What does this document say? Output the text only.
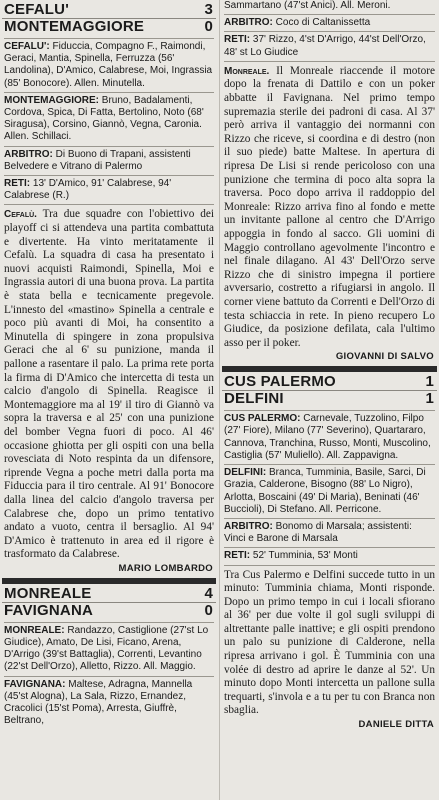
CEFALU'	3
MONTEMAGGIORE	0

CEFALU': Fiduccia, Compagno F., Raimondi, Geraci, Mantia, Spinella, Ferruzza (56' Landolina), D'Amico, Calabrese, Moi, Ingrassia (85' Bonocore). Allen. Minutella.

MONTEMAGGIORE: Bruno, Badalamenti, Cordova, Spica, Di Fatta, Bertolino, Noto (68' Siragusa), Corsino, Giannò, Vegna, Caronia. Allen. Schillaci.

ARBITRO: Di Buono di Trapani, assistenti Belvedere e Vitrano di Palermo

RETI: 13' D'Amico, 91' Calabrese, 94' Calabrese (R.)

Cefalù. Tra due squadre con l'obiettivo dei playoff ci si attendeva una partita combattuta e divertente. Ha vinto meritatamente il Cefalù. La squadra di casa ha presentato i nuovi acquisti Raimondi, Spinella, Moi e Ingrassia autori di una buona prova. La partita è stata bella e tecnicamente pregevole. L'innesto del «mastino» Spinella a centrale e poco più avanti di Moi, ha consentito a Minutella di spingere in zona propulsiva Geraci che al 6' su punizione, manda il pallone a rasentare il palo. La prima rete porta la firma di D'Amico che intercetta di testa un calcio d'angolo di Spinella. Reagisce il Montemaggiore ma al 19' il tiro di Giannò va sopra la traversa e al 25' con una punizione del bomber Vegna fuori di poco. Al 46' occasione ghiotta per gli ospiti con una bella rovesciata di Noto respinta da un difensore, riprende Vegna a poche metri dalla porta ma Fiduccia para il tiro centrale. Al 91' Bonocore dalla linea del calcio d'angolo traversa per Calabrese che, dopo un primo tentativo andato a vuoto, centra il bersaglio. Al 94' D'Amico è trattenuto in area ed il rigore è trasformato da Calabrese.

MARIO LOMBARDO
MONREALE	4
FAVIGNANA	0

MONREALE: Randazzo, Castiglione (27'st Lo Giudice), Amato, De Lisi, Ficano, Arena, D'Arrigo (39'st Battaglia), Correnti, Levantino (22'st Dell'Orzo), Alletto, Rizzo. All. Maggio.

FAVIGNANA: Maltese, Adragna, Mannella (45'st Alogna), La Sala, Rizzo, Ernandez, Cracolici (15'st Poma), Arresta, Giuffrè, Beltrano,

Sammartano (47'st Anici). All. Meroni.

ARBITRO: Coco di Caltanissetta

RETI: 37' Rizzo, 4'st D'Arrigo, 44'st Dell'Orzo, 48' st Lo Giudice

Monreale. Il Monreale riaccende il motore dopo la frenata di Dattilo e con un poker abbatte il Favignana. Nel primo tempo supremazia sterile dei padroni di casa. Al 37' però arriva il vantaggio dei normanni con Rizzo che riceve, si coordina e di destro (non il suo piede) batte Maltese. In apertura di ripresa De Lisi si rende pericoloso con una punizione che termina di poco alta sopra la traversa. Poco dopo arriva il raddoppio del Monreale: Rizzo arriva fino al fondo e mette un invitante pallone al centro che D'Arrigo appoggia in fondo al sacco. Gli uomini di Maggio controllano agevolmente l'incontro e nel finale dilagano. Al 43' Dell'Orzo serve Rizzo che di sinistro impegna il portiere avversario, costretto a rifugiarsi in angolo. Il corner viene battuto da Correnti e Dell'Orzo di testa schiaccia in rete. In pieno recupero Lo Giudice, da posizione defilata, cala l'ultimo asso per il poker.

GIOVANNI DI SALVO
CUS PALERMO	1
DELFINI	1

CUS PALERMO: Carnevale, Tuzzolino, Filpo (27' Fiore), Milano (77' Severino), Quartararo, Cannova, Tranchina, Russo, Monti, Muscolino, Castiglia (57' Muliello). All. Zappavigna.

DELFINI: Branca, Tumminia, Basile, Sarci, Di Grazia, Calderone, Bisogno (88' Lo Nigro), Arlotta, Boscaini (49' Di Maria), Beninati (46' Buccioli), Di Stefano. All. Perricone.

ARBITRO: Bonomo di Marsala; assistenti: Vinci e Barone di Marsala

RETI: 52' Tumminia, 53' Monti

Tra Cus Palermo e Delfini succede tutto in un minuto: Tumminia chiama, Monti risponde. Dopo un primo tempo in cui i locali sfiorano al 36' per due volte il gol sugli sviluppi di altrettante palle inattive; e gli ospiti prendono un palo su punizione di Calderone, nella ripresa arrivano i gol. È Tumminia con una volée di destro ad aprire le danze al 52'. Un minuto dopo Monti intercetta un pallone sulla trequarti, s'invola e a tu per tu con Branca non sbaglia.

DANIELE DITTA
